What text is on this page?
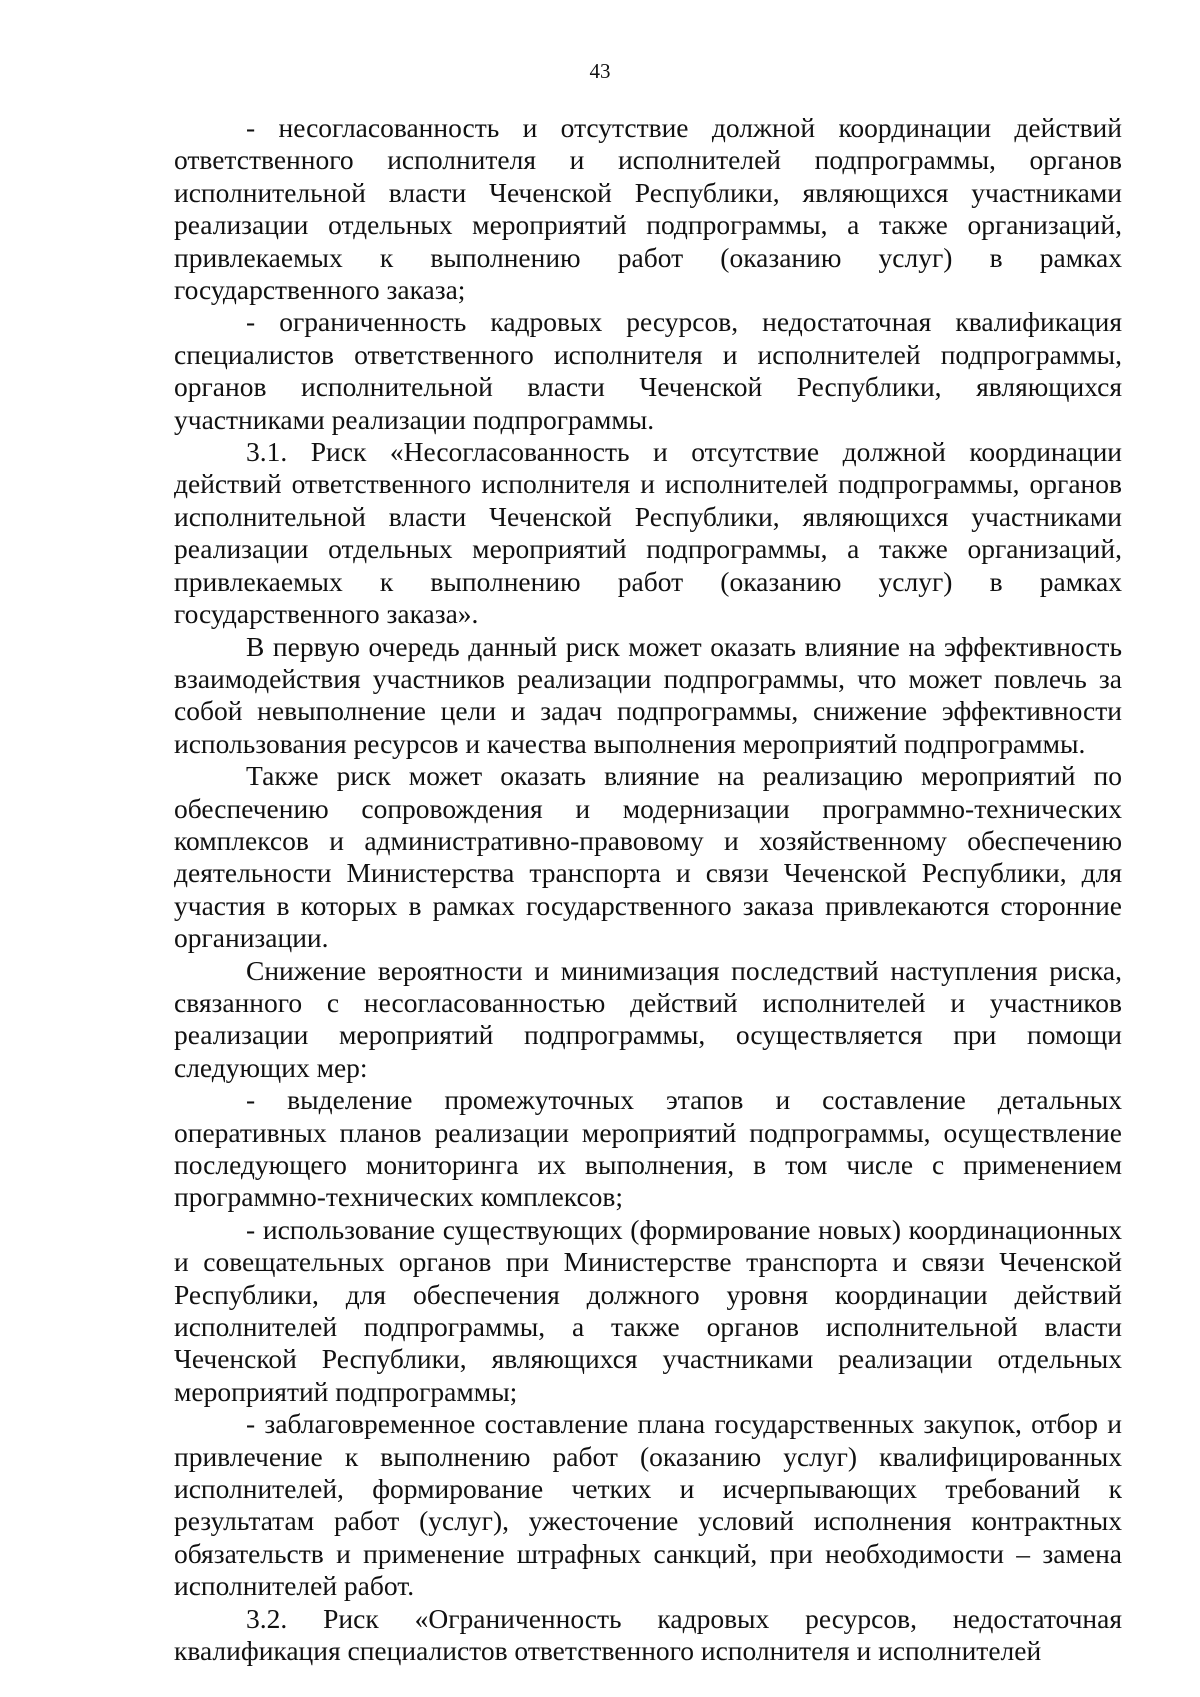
43

- несогласованность и отсутствие должной координации действий ответственного исполнителя и исполнителей подпрограммы, органов исполнительной власти Чеченской Республики, являющихся участниками реализации отдельных мероприятий подпрограммы, а также организаций, привлекаемых к выполнению работ (оказанию услуг) в рамках государственного заказа;

- ограниченность кадровых ресурсов, недостаточная квалификация специалистов ответственного исполнителя и исполнителей подпрограммы, органов исполнительной власти Чеченской Республики, являющихся участниками реализации подпрограммы.

3.1. Риск «Несогласованность и отсутствие должной координации действий ответственного исполнителя и исполнителей подпрограммы, органов исполнительной власти Чеченской Республики, являющихся участниками реализации отдельных мероприятий подпрограммы, а также организаций, привлекаемых к выполнению работ (оказанию услуг) в рамках государственного заказа».

В первую очередь данный риск может оказать влияние на эффективность взаимодействия участников реализации подпрограммы, что может повлечь за собой невыполнение цели и задач подпрограммы, снижение эффективности использования ресурсов и качества выполнения мероприятий подпрограммы.

Также риск может оказать влияние на реализацию мероприятий по обеспечению сопровождения и модернизации программно-технических комплексов и административно-правовому и хозяйственному обеспечению деятельности Министерства транспорта и связи Чеченской Республики, для участия в которых в рамках государственного заказа привлекаются сторонние организации.

Снижение вероятности и минимизация последствий наступления риска, связанного с несогласованностью действий исполнителей и участников реализации мероприятий подпрограммы, осуществляется при помощи следующих мер:

- выделение промежуточных этапов и составление детальных оперативных планов реализации мероприятий подпрограммы, осуществление последующего мониторинга их выполнения, в том числе с применением программно-технических комплексов;

- использование существующих (формирование новых) координационных и совещательных органов при Министерстве транспорта и связи Чеченской Республики, для обеспечения должного уровня координации действий исполнителей подпрограммы, а также органов исполнительной власти Чеченской Республики, являющихся участниками реализации отдельных мероприятий подпрограммы;

- заблаговременное составление плана государственных закупок, отбор и привлечение к выполнению работ (оказанию услуг) квалифицированных исполнителей, формирование четких и исчерпывающих требований к результатам работ (услуг), ужесточение условий исполнения контрактных обязательств и применение штрафных санкций, при необходимости – замена исполнителей работ.

3.2. Риск «Ограниченность кадровых ресурсов, недостаточная квалификация специалистов ответственного исполнителя и исполнителей
